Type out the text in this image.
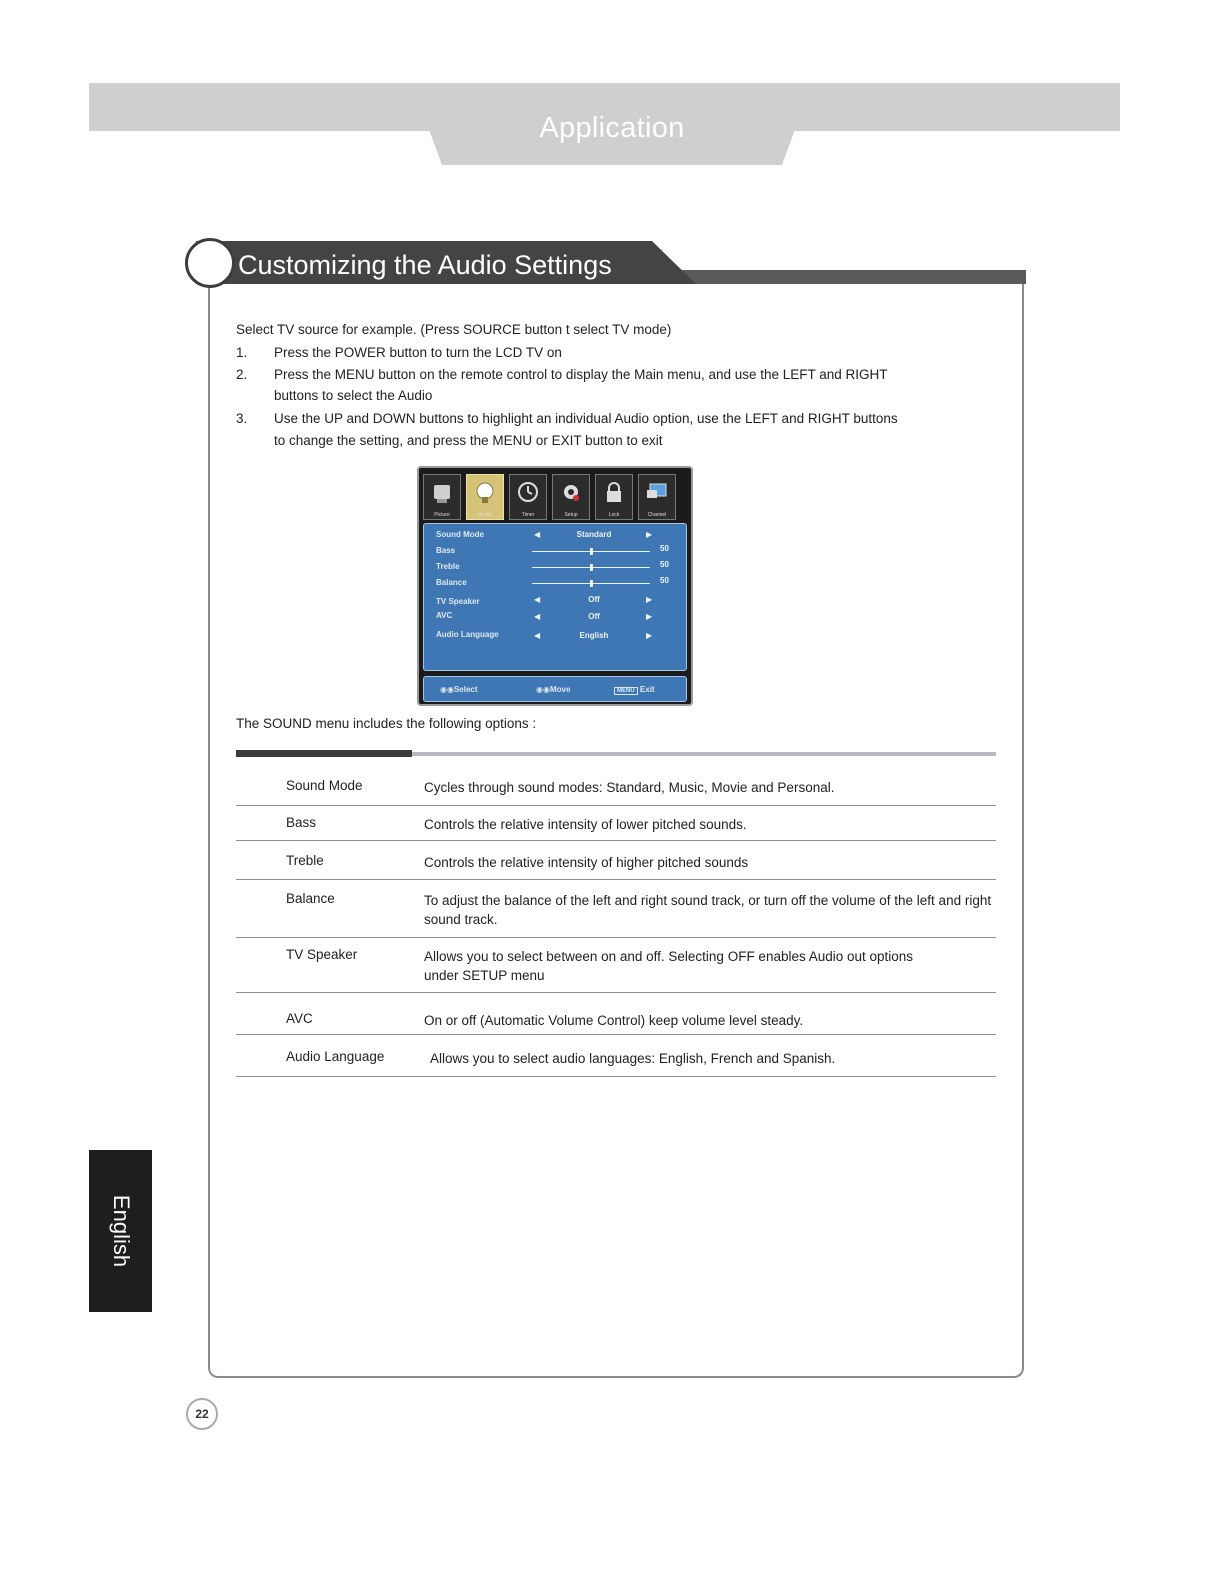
Application
Customizing the Audio Settings
Select TV source for example. (Press SOURCE button t select TV mode)
1. Press the POWER button to turn the LCD TV on
2. Press the MENU button on the remote control to display the Main menu, and use the LEFT and RIGHT
buttons to select the Audio
3. Use the UP and DOWN buttons to highlight an individual Audio option, use the LEFT and RIGHT buttons
to change the setting, and press the MENU or EXIT button to exit
Picture	Audio	Timer	Setup	Lock	Channel
Sound Mode	◀	Standard	▶
Bass	50
Treble	50
Balance	50
TV Speaker	◀	Off	▶
AVC	◀	Off	▶
Audio Language	◀	English	▶
◉◉Select	◉◉Move	MENU Exit
The SOUND menu includes the following options :
Sound Mode	Cycles through sound modes: Standard, Music, Movie and Personal.
Bass	Controls the relative intensity of lower pitched sounds.
Treble	Controls the relative intensity of higher pitched sounds
Balance	To adjust the balance of the left and right sound track, or turn off the volume of the left and right sound track.
TV Speaker	Allows you to select between on and off. Selecting OFF enables Audio out options under SETUP menu
AVC	On or off (Automatic Volume Control) keep volume level steady.
Audio Language	Allows you to select audio languages: English, French and Spanish.
English
22
